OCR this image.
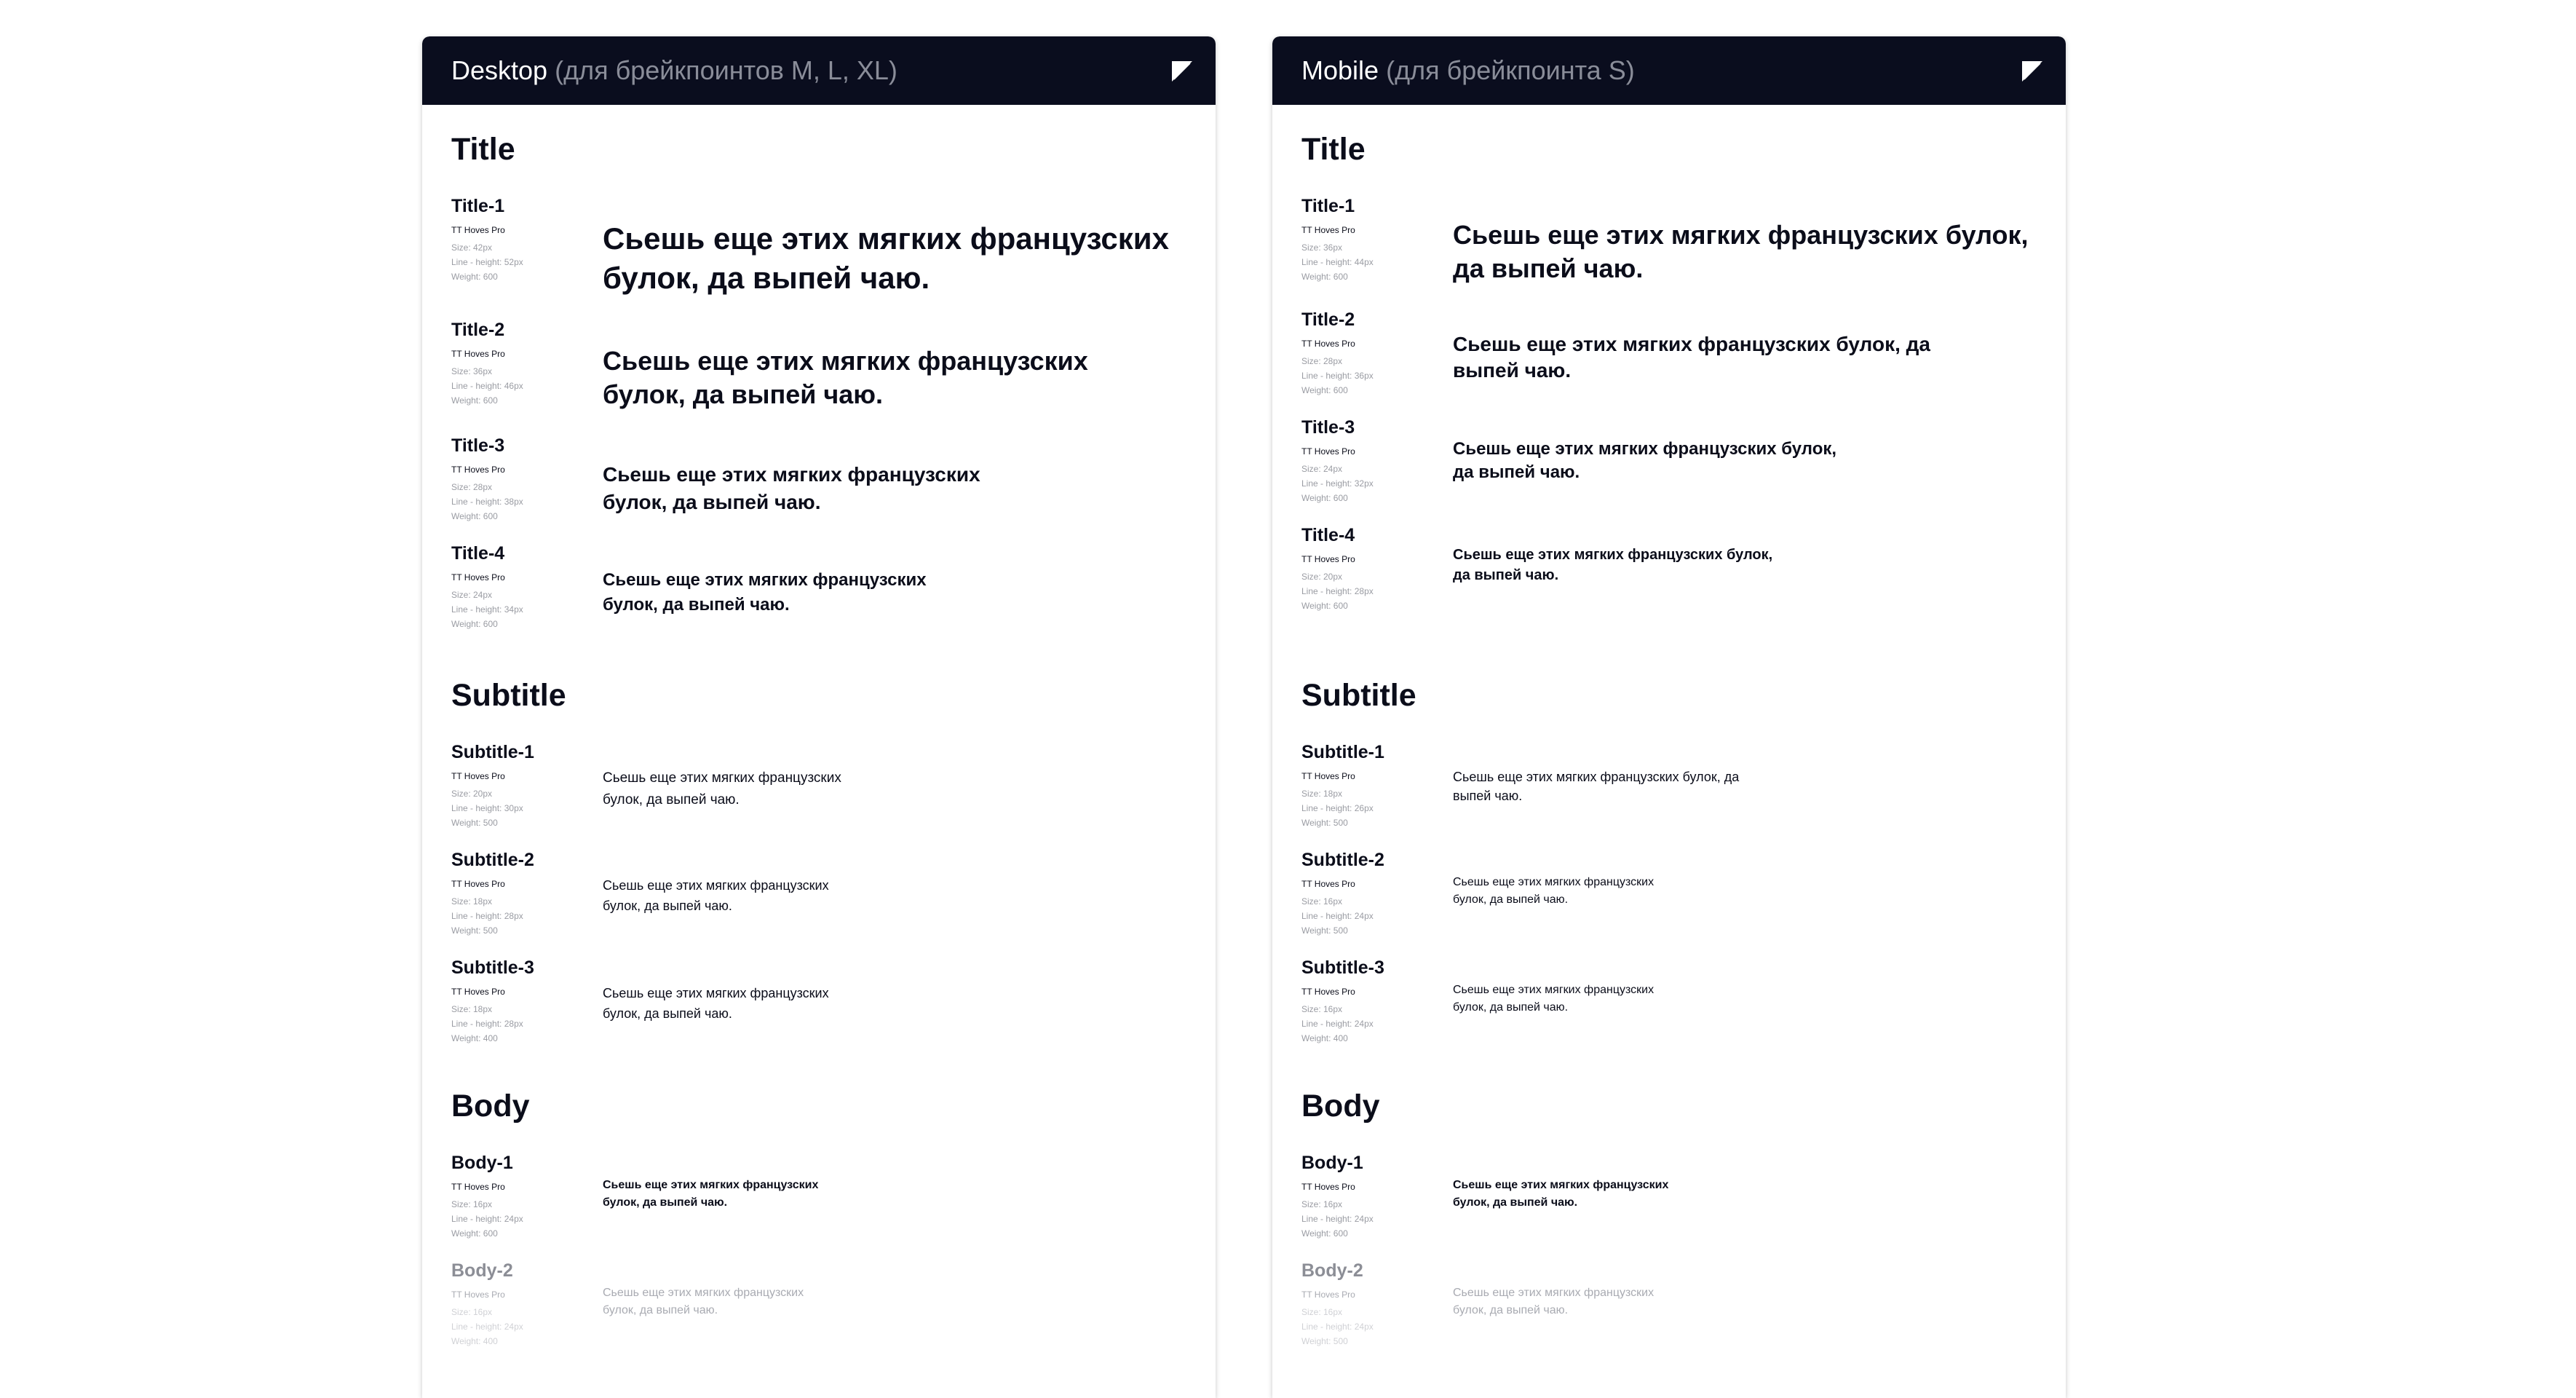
Desktop (для брейкпоинтов M, L, XL)
Title
Title-1
TT Hoves Pro
Size: 42px
Line - height: 52px
Weight: 600
Сьешь еще этих мягких французских булок, да выпей чаю.
Title-2
TT Hoves Pro
Size: 36px
Line - height: 46px
Weight: 600
Сьешь еще этих мягких французских булок, да выпей чаю.
Title-3
TT Hoves Pro
Size: 28px
Line - height: 38px
Weight: 600
Сьешь еще этих мягких французских булок, да выпей чаю.
Title-4
TT Hoves Pro
Size: 24px
Line - height: 34px
Weight: 600
Сьешь еще этих мягких французских булок, да выпей чаю.
Subtitle
Subtitle-1
TT Hoves Pro
Size: 20px
Line - height: 30px
Weight: 500
Сьешь еще этих мягких французских булок, да выпей чаю.
Subtitle-2
TT Hoves Pro
Size: 18px
Line - height: 28px
Weight: 500
Сьешь еще этих мягких французских булок, да выпей чаю.
Subtitle-3
TT Hoves Pro
Size: 18px
Line - height: 28px
Weight: 400
Сьешь еще этих мягких французских булок, да выпей чаю.
Body
Body-1
TT Hoves Pro
Size: 16px
Line - height: 24px
Weight: 600
Сьешь еще этих мягких французских булок, да выпей чаю.
Body-2
TT Hoves Pro
Size: 16px
Line - height: 24px
Weight: 400
Сьешь еще этих мягких французских булок, да выпей чаю.
Mobile (для брейкпоинта S)
Title
Title-1
TT Hoves Pro
Size: 36px
Line - height: 44px
Weight: 600
Сьешь еще этих мягких французских булок, да выпей чаю.
Title-2
TT Hoves Pro
Size: 28px
Line - height: 36px
Weight: 600
Сьешь еще этих мягких французских булок, да выпей чаю.
Title-3
TT Hoves Pro
Size: 24px
Line - height: 32px
Weight: 600
Сьешь еще этих мягких французских булок, да выпей чаю.
Title-4
TT Hoves Pro
Size: 20px
Line - height: 28px
Weight: 600
Сьешь еще этих мягких французских булок, да выпей чаю.
Subtitle
Subtitle-1
TT Hoves Pro
Size: 18px
Line - height: 26px
Weight: 500
Сьешь еще этих мягких французских булок, да выпей чаю.
Subtitle-2
TT Hoves Pro
Size: 16px
Line - height: 24px
Weight: 500
Сьешь еще этих мягких французских булок, да выпей чаю.
Subtitle-3
TT Hoves Pro
Size: 16px
Line - height: 24px
Weight: 400
Сьешь еще этих мягких французских булок, да выпей чаю.
Body
Body-1
TT Hoves Pro
Size: 16px
Line - height: 24px
Weight: 600
Сьешь еще этих мягких французских булок, да выпей чаю.
Body-2
TT Hoves Pro
Size: 16px
Line - height: 24px
Weight: 500
Сьешь еще этих мягких французских булок, да выпей чаю.
